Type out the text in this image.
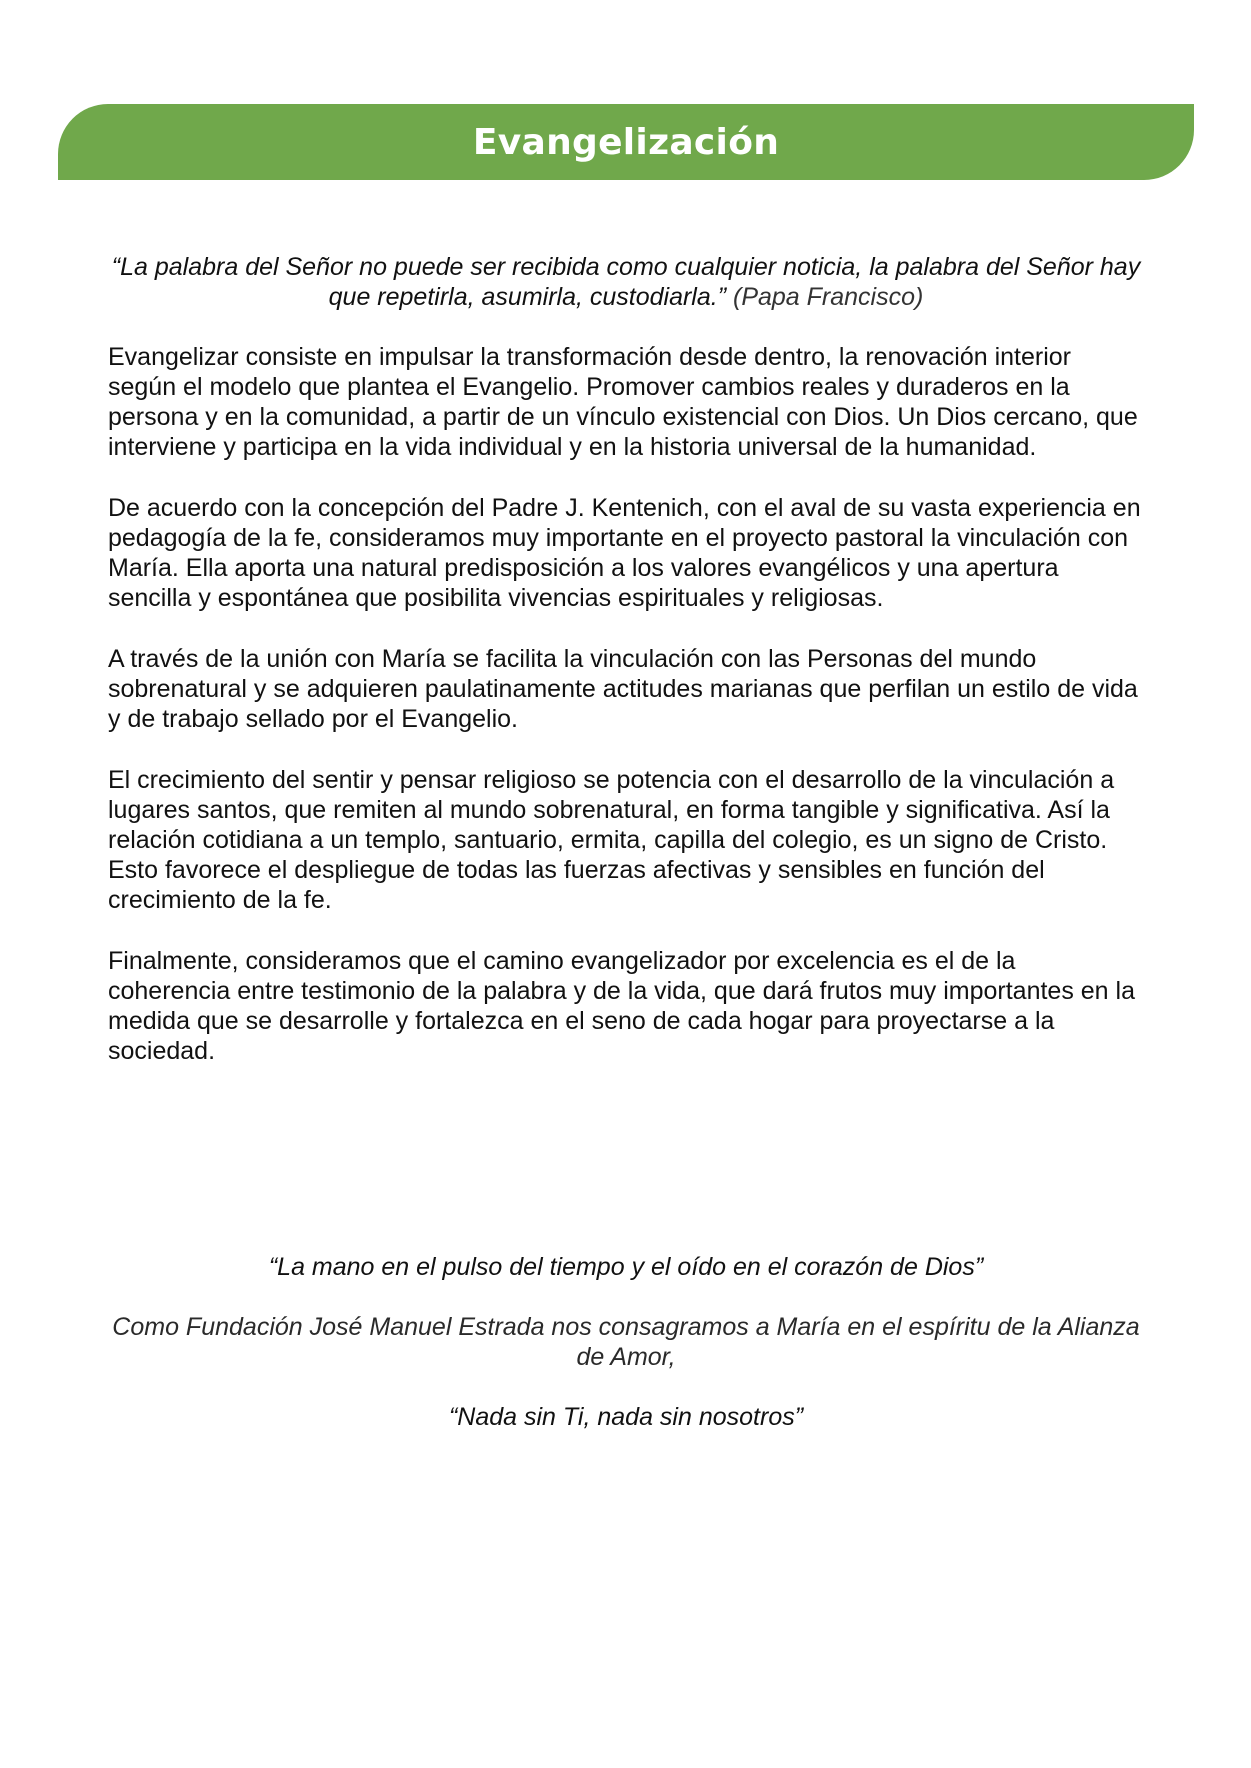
Evangelización

“La palabra del Señor no puede ser recibida como cualquier noticia, la palabra del Señor hay que repetirla, asumirla, custodiarla.” (Papa Francisco)

Evangelizar consiste en impulsar la transformación desde dentro, la renovación interior según el modelo que plantea el Evangelio. Promover cambios reales y duraderos en la persona y en la comunidad, a partir de un vínculo existencial con Dios. Un Dios cercano, que interviene y participa en la vida individual y en la historia universal de la humanidad.

De acuerdo con la concepción del Padre J. Kentenich, con el aval de su vasta experiencia en pedagogía de la fe, consideramos muy importante en el proyecto pastoral la vinculación con María. Ella aporta una natural predisposición a los valores evangélicos y una apertura sencilla y espontánea que posibilita vivencias espirituales y religiosas.

A través de la unión con María se facilita la vinculación con las Personas del mundo sobrenatural y se adquieren paulatinamente actitudes marianas que perfilan un estilo de vida y de trabajo sellado por el Evangelio.

El crecimiento del sentir y pensar religioso se potencia con el desarrollo de la vinculación a lugares santos, que remiten al mundo sobrenatural, en forma tangible y significativa. Así la relación cotidiana a un templo, santuario, ermita, capilla del colegio, es un signo de Cristo. Esto favorece el despliegue de todas las fuerzas afectivas y sensibles en función del crecimiento de la fe.

Finalmente, consideramos que el camino evangelizador por excelencia es el de la coherencia entre testimonio de la palabra y de la vida, que dará frutos muy importantes en la medida que se desarrolle y fortalezca en el seno de cada hogar para proyectarse a la sociedad.

“La mano en el pulso del tiempo y el oído en el corazón de Dios”

Como Fundación José Manuel Estrada nos consagramos a María en el espíritu de la Alianza de Amor,

“Nada sin Ti, nada sin nosotros”
